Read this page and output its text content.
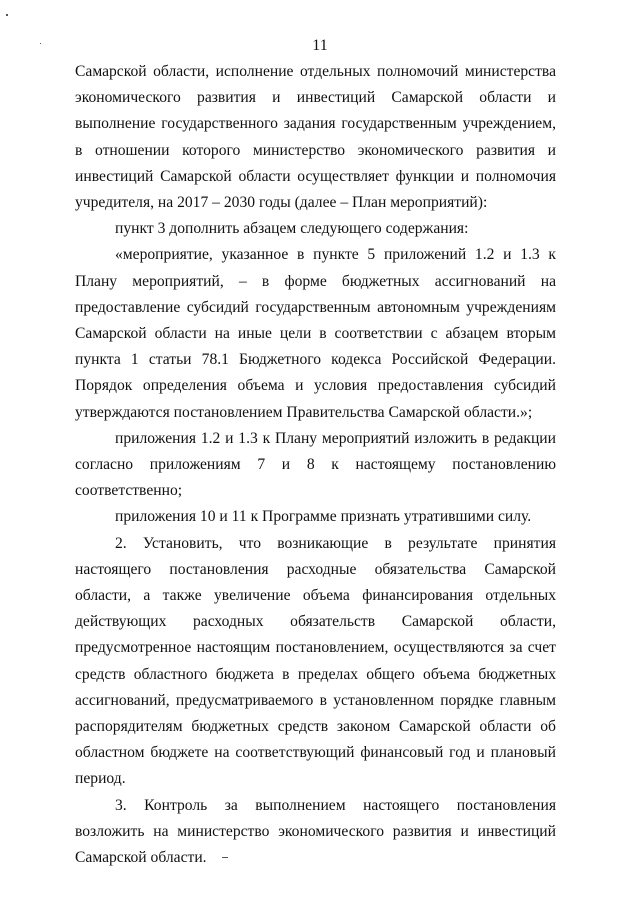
11

Самарской области, исполнение отдельных полномочий министерства экономического развития и инвестиций Самарской области и выполнение государственного задания государственным учреждением, в отношении которого министерство экономического развития и инвестиций Самарской области осуществляет функции и полномочия учредителя, на 2017 – 2030 годы (далее – План мероприятий):

пункт 3 дополнить абзацем следующего содержания:

«мероприятие, указанное в пункте 5 приложений 1.2 и 1.3 к Плану мероприятий, – в форме бюджетных ассигнований на предоставление субсидий государственным автономным учреждениям Самарской области на иные цели в соответствии с абзацем вторым пункта 1 статьи 78.1 Бюджетного кодекса Российской Федерации. Порядок определения объема и условия предоставления субсидий утверждаются постановлением Правительства Самарской области.»;

приложения 1.2 и 1.3 к Плану мероприятий изложить в редакции согласно приложениям 7 и 8 к настоящему постановлению соответственно;

приложения 10 и 11 к Программе признать утратившими силу.

2. Установить, что возникающие в результате принятия настоящего постановления расходные обязательства Самарской области, а также увеличение объема финансирования отдельных действующих расходных обязательств Самарской области, предусмотренное настоящим постановлением, осуществляются за счет средств областного бюджета в пределах общего объема бюджетных ассигнований, предусматриваемого в установленном порядке главным распорядителям бюджетных средств законом Самарской области об областном бюджете на соответствующий финансовый год и плановый период.

3. Контроль за выполнением настоящего постановления возложить на министерство экономического развития и инвестиций Самарской области.
